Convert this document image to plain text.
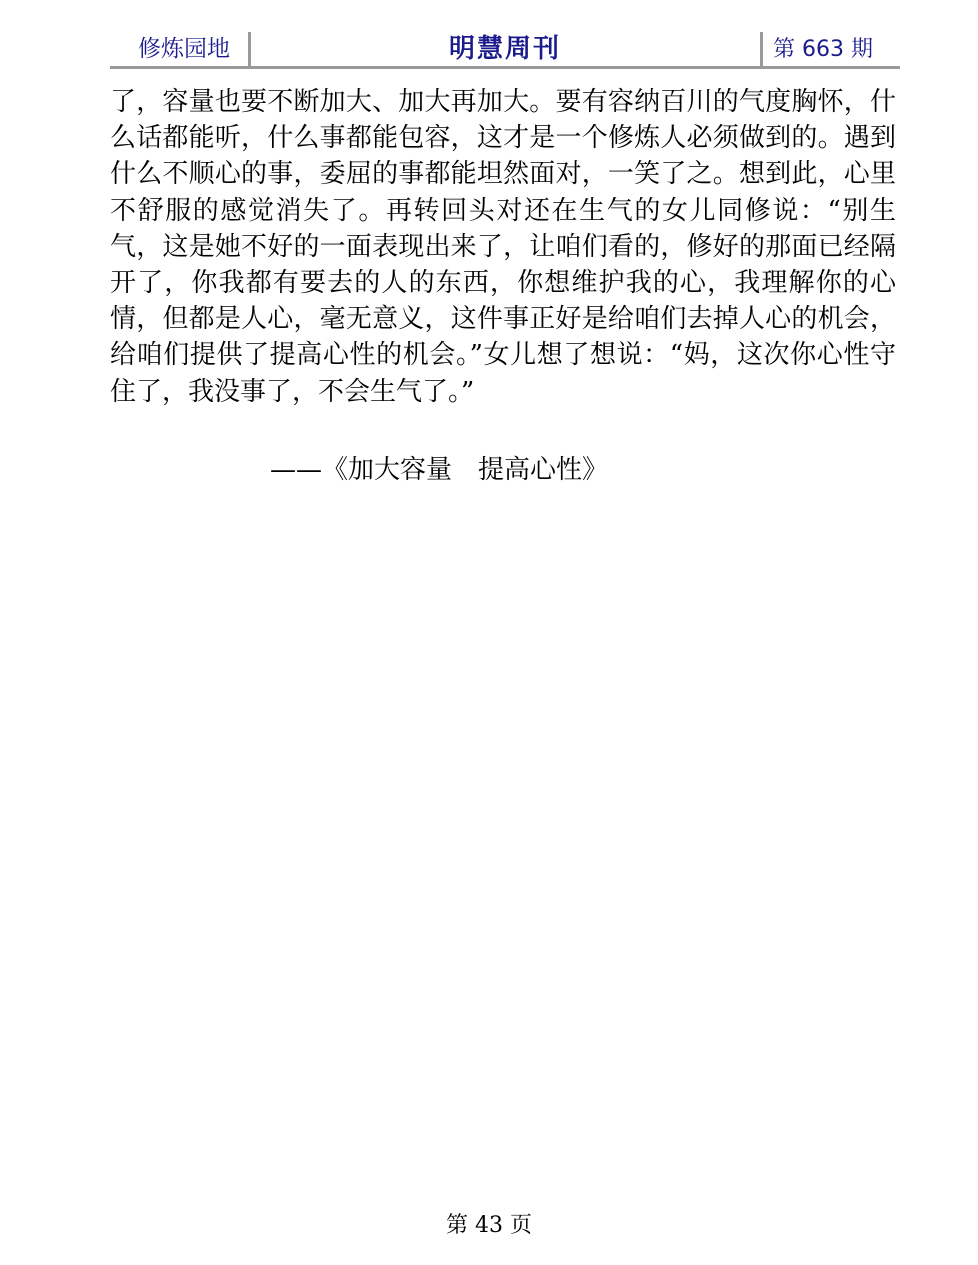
修炼园地	明慧周刊	第 663 期

了，容量也要不断加大、加大再加大。要有容纳百川的气度胸怀，什么话都能听，什么事都能包容，这才是一个修炼人必须做到的。遇到什么不顺心的事，委屈的事都能坦然面对，一笑了之。想到此，心里不舒服的感觉消失了。再转回头对还在生气的女儿同修说：“别生气，这是她不好的一面表现出来了，让咱们看的，修好的那面已经隔开了，你我都有要去的人的东西，你想维护我的心，我理解你的心情，但都是人心，毫无意义，这件事正好是给咱们去掉人心的机会，给咱们提供了提高心性的机会。”女儿想了想说：“妈，这次你心性守住了，我没事了，不会生气了。”

——《加大容量　提高心性》
第 43 页
